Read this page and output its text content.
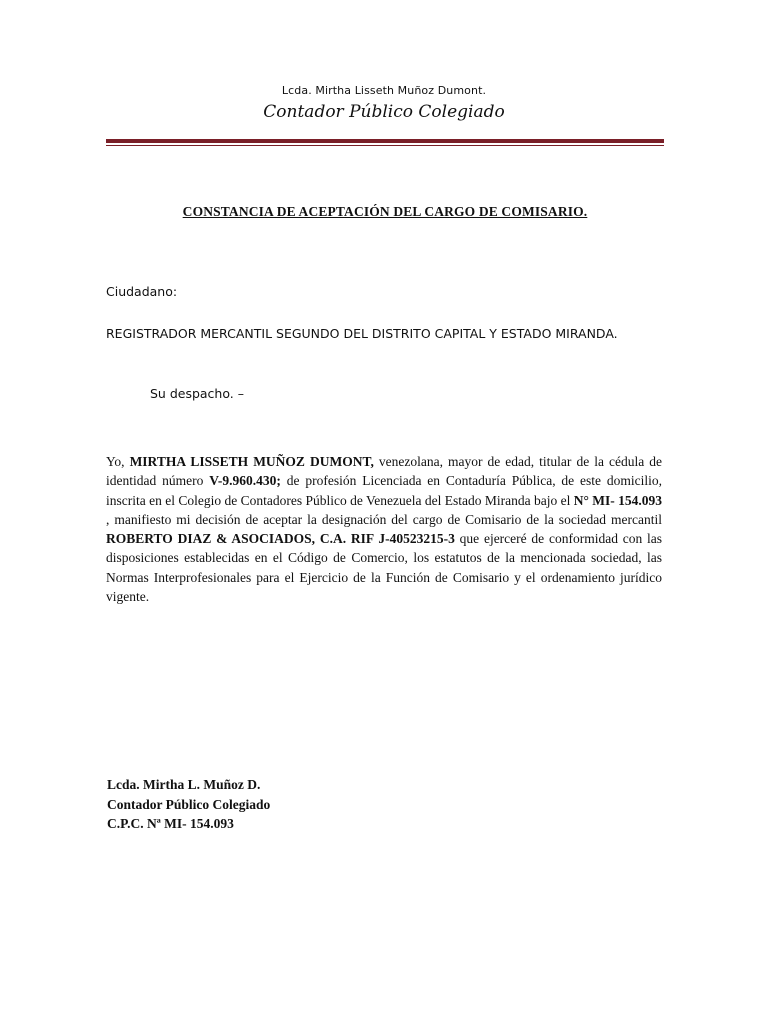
Lcda. Mirtha Lisseth Muñoz Dumont.
Contador Público Colegiado
CONSTANCIA DE ACEPTACIÓN DEL CARGO DE COMISARIO.
Ciudadano:
REGISTRADOR MERCANTIL SEGUNDO DEL DISTRITO CAPITAL Y ESTADO MIRANDA.
Su despacho. –

Yo, MIRTHA LISSETH MUÑOZ DUMONT, venezolana, mayor de edad, titular de la cédula de identidad número V-9.960.430; de profesión Licenciada en Contaduría Pública, de este domicilio, inscrita en el Colegio de Contadores Público de Venezuela del Estado Miranda bajo el N° MI- 154.093 , manifiesto mi decisión de aceptar la designación del cargo de Comisario de la sociedad mercantil ROBERTO DIAZ & ASOCIADOS, C.A. RIF J-40523215-3 que ejerceré de conformidad con las disposiciones establecidas en el Código de Comercio, los estatutos de la mencionada sociedad, las Normas Interprofesionales para el Ejercicio de la Función de Comisario y el ordenamiento jurídico vigente.

Lcda. Mirtha L. Muñoz D.
Contador Público Colegiado
C.P.C. Nª MI- 154.093
